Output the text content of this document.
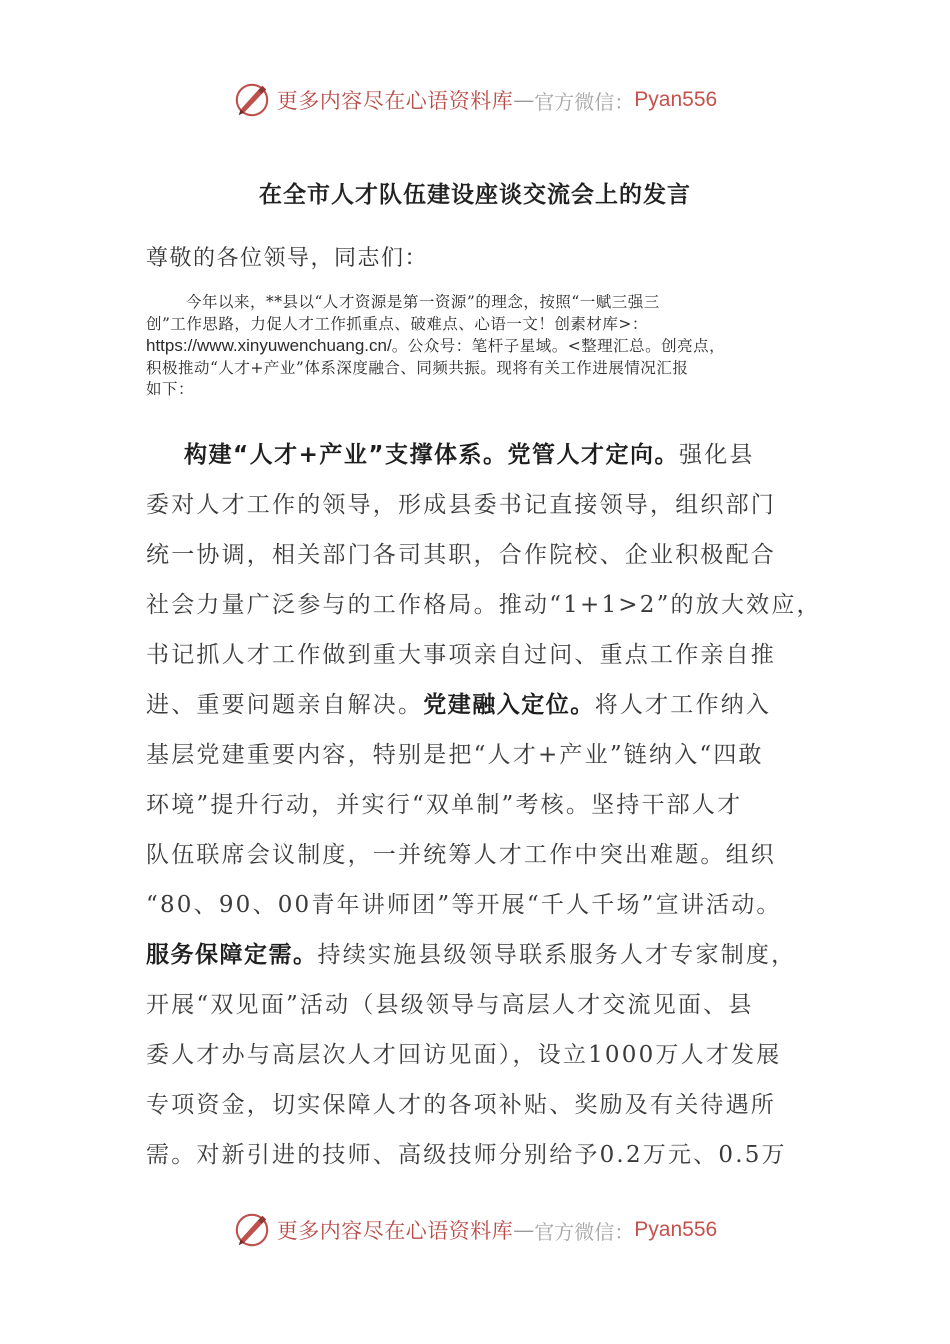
更多内容尽在心语资料库 — 官方微信： Pyan556
在全市人才队伍建设座谈交流会上的发言
尊敬的各位领导，同志们：
今年以来，**县以“人才资源是第一资源”的理念，按照“一赋三强三
创”工作思路，力促人才工作抓重点、破难点、心语一文！创素材库>：
https://www.xinyuwenchuang.cn/。公众号：笔杆子星域。<整理汇总。创亮点，
积极推动“人才+产业”体系深度融合、同频共振。现将有关工作进展情况汇报
如下：
构建“人才+产业”支撑体系。党管人才定向。强化县
委对人才工作的领导，形成县委书记直接领导，组织部门
统一协调，相关部门各司其职，合作院校、企业积极配合
社会力量广泛参与的工作格局。推动“1+1>2”的放大效应，
书记抓人才工作做到重大事项亲自过问、重点工作亲自推
进、重要问题亲自解决。党建融入定位。将人才工作纳入
基层党建重要内容，特别是把“人才+产业”链纳入“四敢
环境”提升行动，并实行“双单制”考核。坚持干部人才
队伍联席会议制度，一并统筹人才工作中突出难题。组织
“80、90、00青年讲师团”等开展“千人千场”宣讲活动。
服务保障定需。持续实施县级领导联系服务人才专家制度，
开展“双见面”活动（县级领导与高层人才交流见面、县
委人才办与高层次人才回访见面），设立1000万人才发展
专项资金，切实保障人才的各项补贴、奖励及有关待遇所
需。对新引进的技师、高级技师分别给予0.2万元、0.5万
更多内容尽在心语资料库 — 官方微信： Pyan556
